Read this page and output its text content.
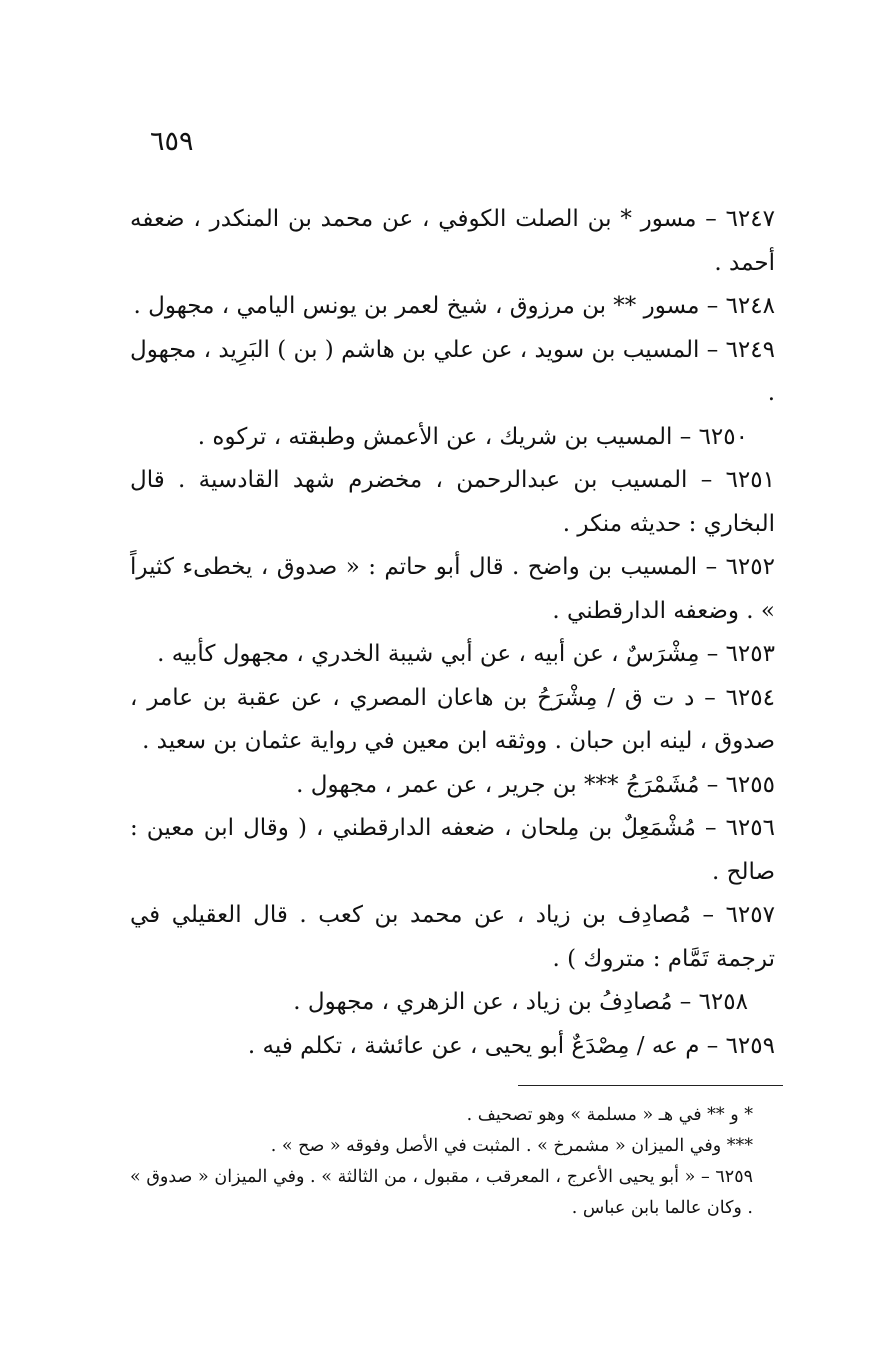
٦٥٩

٦٢٤٧ – مسور * بن الصلت الكوفي ، عن محمد بن المنكدر ، ضعفه أحمد .

٦٢٤٨ – مسور ** بن مرزوق ، شيخ لعمر بن يونس اليامي ، مجهول .

٦٢٤٩ – المسيب بن سويد ، عن علي بن هاشم ( بن ) البَرِيد ، مجهول .

٦٢٥٠ – المسيب بن شريك ، عن الأعمش وطبقته ، تركوه .

٦٢٥١ – المسيب بن عبدالرحمن ، مخضرم شهد القادسية . قال البخاري : حديثه منكر .

٦٢٥٢ – المسيب بن واضح . قال أبو حاتم : « صدوق ، يخطىء كثيراً » . وضعفه الدارقطني .

٦٢٥٣ – مِشْرَسٌ ، عن أبيه ، عن أبي شيبة الخدري ، مجهول كأبيه .

٦٢٥٤ – د ت ق / مِشْرَحُ بن هاعان المصري ، عن عقبة بن عامر ، صدوق ، لينه ابن حبان . ووثقه ابن معين في رواية عثمان بن سعيد .

٦٢٥٥ – مُشَمْرَجُ *** بن جرير ، عن عمر ، مجهول .

٦٢٥٦ – مُشْمَعِلٌ بن مِلحان ، ضعفه الدارقطني ، ( وقال ابن معين : صالح .

٦٢٥٧ – مُصادِف بن زياد ، عن محمد بن كعب . قال العقيلي في ترجمة تَمَّام : متروك ) .

٦٢٥٨ – مُصادِفُ بن زياد ، عن الزهري ، مجهول .

٦٢٥٩ – م عه / مِصْدَعٌ أبو يحيى ، عن عائشة ، تكلم فيه .

* و ** في هـ « مسلمة » وهو تصحيف .

*** وفي الميزان « مشمرخ » . المثبت في الأصل وفوقه « صح » .

٦٢٥٩ – « أبو يحيى الأعرج ، المعرقب ، مقبول ، من الثالثة » . وفي الميزان « صدوق » . وكان عالما بابن عباس .
